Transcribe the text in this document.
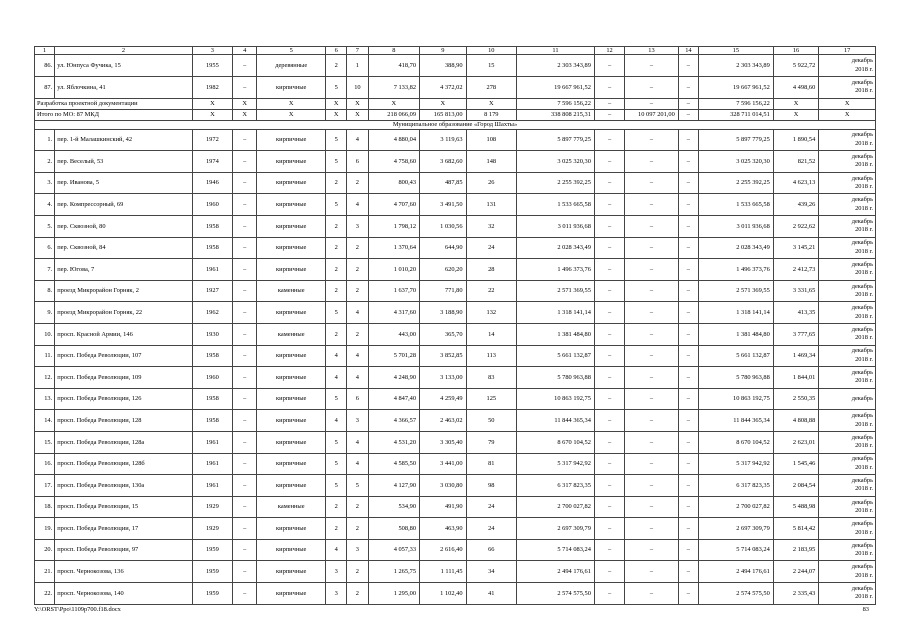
1	2	3	4	5	6	7	8	9	10	11	12	13	14	15	16	17
86.	ул. Юнпуса Фучика, 15	1955	–	деревянные	2	1	418,70	388,90	15	2 303 343,89	–	–	–	2 303 343,89	5 922,72	декабрь
2018 г.

87.	ул. Яблочкина, 41	1982	–	кирпичные	5	10	7 133,82	4 372,02	278	19 667 961,52	–	–	–	19 667 961,52	4 498,60	декабрь
2018 г.

Разработка проектной документации		X	X	X	X	X	X	X	X	7 596 156,22	–	–	–	7 596 156,22	X	X
Итого по МО: 87 МКД		X	X	X	X	X	218 066,09	165 813,00	8 179	338 808 215,31	–	10 097 201,00	–	328 711 014,51	X	X
Муниципальное образование «Город Шахты»																
1.	пер. 1-й Малашкинский, 42	1972	–	кирпичные	5	4	4 880,04	3 119,63	108	5 897 779,25	–	–	–	5 897 779,25	1 890,54	декабрь
2018 г.

2.	пер. Веселый, 53	1974	–	кирпичные	5	6	4 758,60	3 682,60	148	3 025 320,30	–	–	–	3 025 320,30	821,52	декабрь
2018 г.

3.	пер. Иванова, 5	1946	–	кирпичные	2	2	800,43	487,85	26	2 255 392,25	–	–	–	2 255 392,25	4 623,13	декабрь
2018 г.

4.	пер. Компрессорный, 69	1960	–	кирпичные	5	4	4 707,60	3 491,50	131	1 533 665,58	–	–	–	1 533 665,58	439,26	декабрь
2018 г.

5.	пер. Сквозной, 80	1958	–	кирпичные	2	3	1 798,12	1 030,56	32	3 011 936,68	–	–	–	3 011 936,68	2 922,62	декабрь
2018 г.

6.	пер. Сквозной, 84	1958	–	кирпичные	2	2	1 370,64	644,90	24	2 028 343,49	–	–	–	2 028 343,49	3 145,21	декабрь
2018 г.

7.	пер. Югова, 7	1961	–	кирпичные	2	2	1 010,20	620,20	28	1 496 373,76	–	–	–	1 496 373,76	2 412,73	декабрь
2018 г.

8.	проезд Микрорайон Горняк, 2	1927	–	каменные	2	2	1 637,70	771,80	22	2 571 369,55	–	–	–	2 571 369,55	3 331,65	декабрь
2018 г.

9.	проезд Микрорайон Горняк, 22	1962	–	кирпичные	5	4	4 317,60	3 188,90	132	1 318 141,14	–	–	–	1 318 141,14	413,35	декабрь
2018 г.

10.	просп. Красной Армии, 146	1930	–	каменные	2	2	443,00	365,70	14	1 381 484,80	–	–	–	1 381 484,80	3 777,65	декабрь
2018 г.

11.	просп. Победа Революции, 107	1958	–	кирпичные	4	4	5 701,28	3 852,85	113	5 661 132,87	–	–	–	5 661 132,87	1 469,34	декабрь
2018 г.

12.	просп. Победа Революции, 109	1960	–	кирпичные	4	4	4 248,90	3 133,00	83	5 780 963,88	–	–	–	5 780 963,88	1 844,01	декабрь
2018 г.

13.	просп. Победа Революции, 126	1958	–	кирпичные	5	6	4 847,40	4 259,49	125	10 863 192,75	–	–	–	10 863 192,75	2 550,35	декабрь

14.	просп. Победа Революции, 128	1958	–	кирпичные	4	3	4 366,57	2 463,02	50	11 844 365,34	–	–	–	11 844 365,34	4 808,88	декабрь
2018 г.

15.	просп. Победа Революции, 128а	1961	–	кирпичные	5	4	4 531,20	3 305,40	79	8 670 104,52	–	–	–	8 670 104,52	2 623,01	декабрь
2018 г.

16.	просп. Победа Революции, 128б	1961	–	кирпичные	5	4	4 585,50	3 441,00	81	5 317 942,92	–	–	–	5 317 942,92	1 545,46	декабрь
2018 г.

17.	просп. Победа Революции, 130а	1961	–	кирпичные	5	5	4 127,90	3 030,80	98	6 317 823,35	–	–	–	6 317 823,35	2 084,54	декабрь
2018 г.

18.	просп. Победа Революции, 15	1929	–	каменные	2	2	534,90	491,90	24	2 700 027,82	–	–	–	2 700 027,82	5 488,98	декабрь
2018 г.

19.	просп. Победа Революции, 17	1929	–	кирпичные	2	2	508,80	463,90	24	2 697 309,79	–	–	–	2 697 309,79	5 814,42	декабрь
2018 г.

20.	просп. Победа Революции, 97	1959	–	кирпичные	4	3	4 057,33	2 616,40	66	5 714 083,24	–	–	–	5 714 083,24	2 183,95	декабрь
2018 г.

21.	просп. Чернокозова, 136	1959	–	кирпичные	3	2	1 265,75	1 111,45	34	2 494 176,61	–	–	–	2 494 176,61	2 244,07	декабрь
2018 г.

22.	просп. Чернокозова, 140	1959	–	кирпичные	3	2	1 295,00	1 102,40	41	2 574 575,50	–	–	–	2 574 575,50	2 335,43	декабрь
2018 г.
Y:\ORST\Ppo\1109p700.f18.docx	83
